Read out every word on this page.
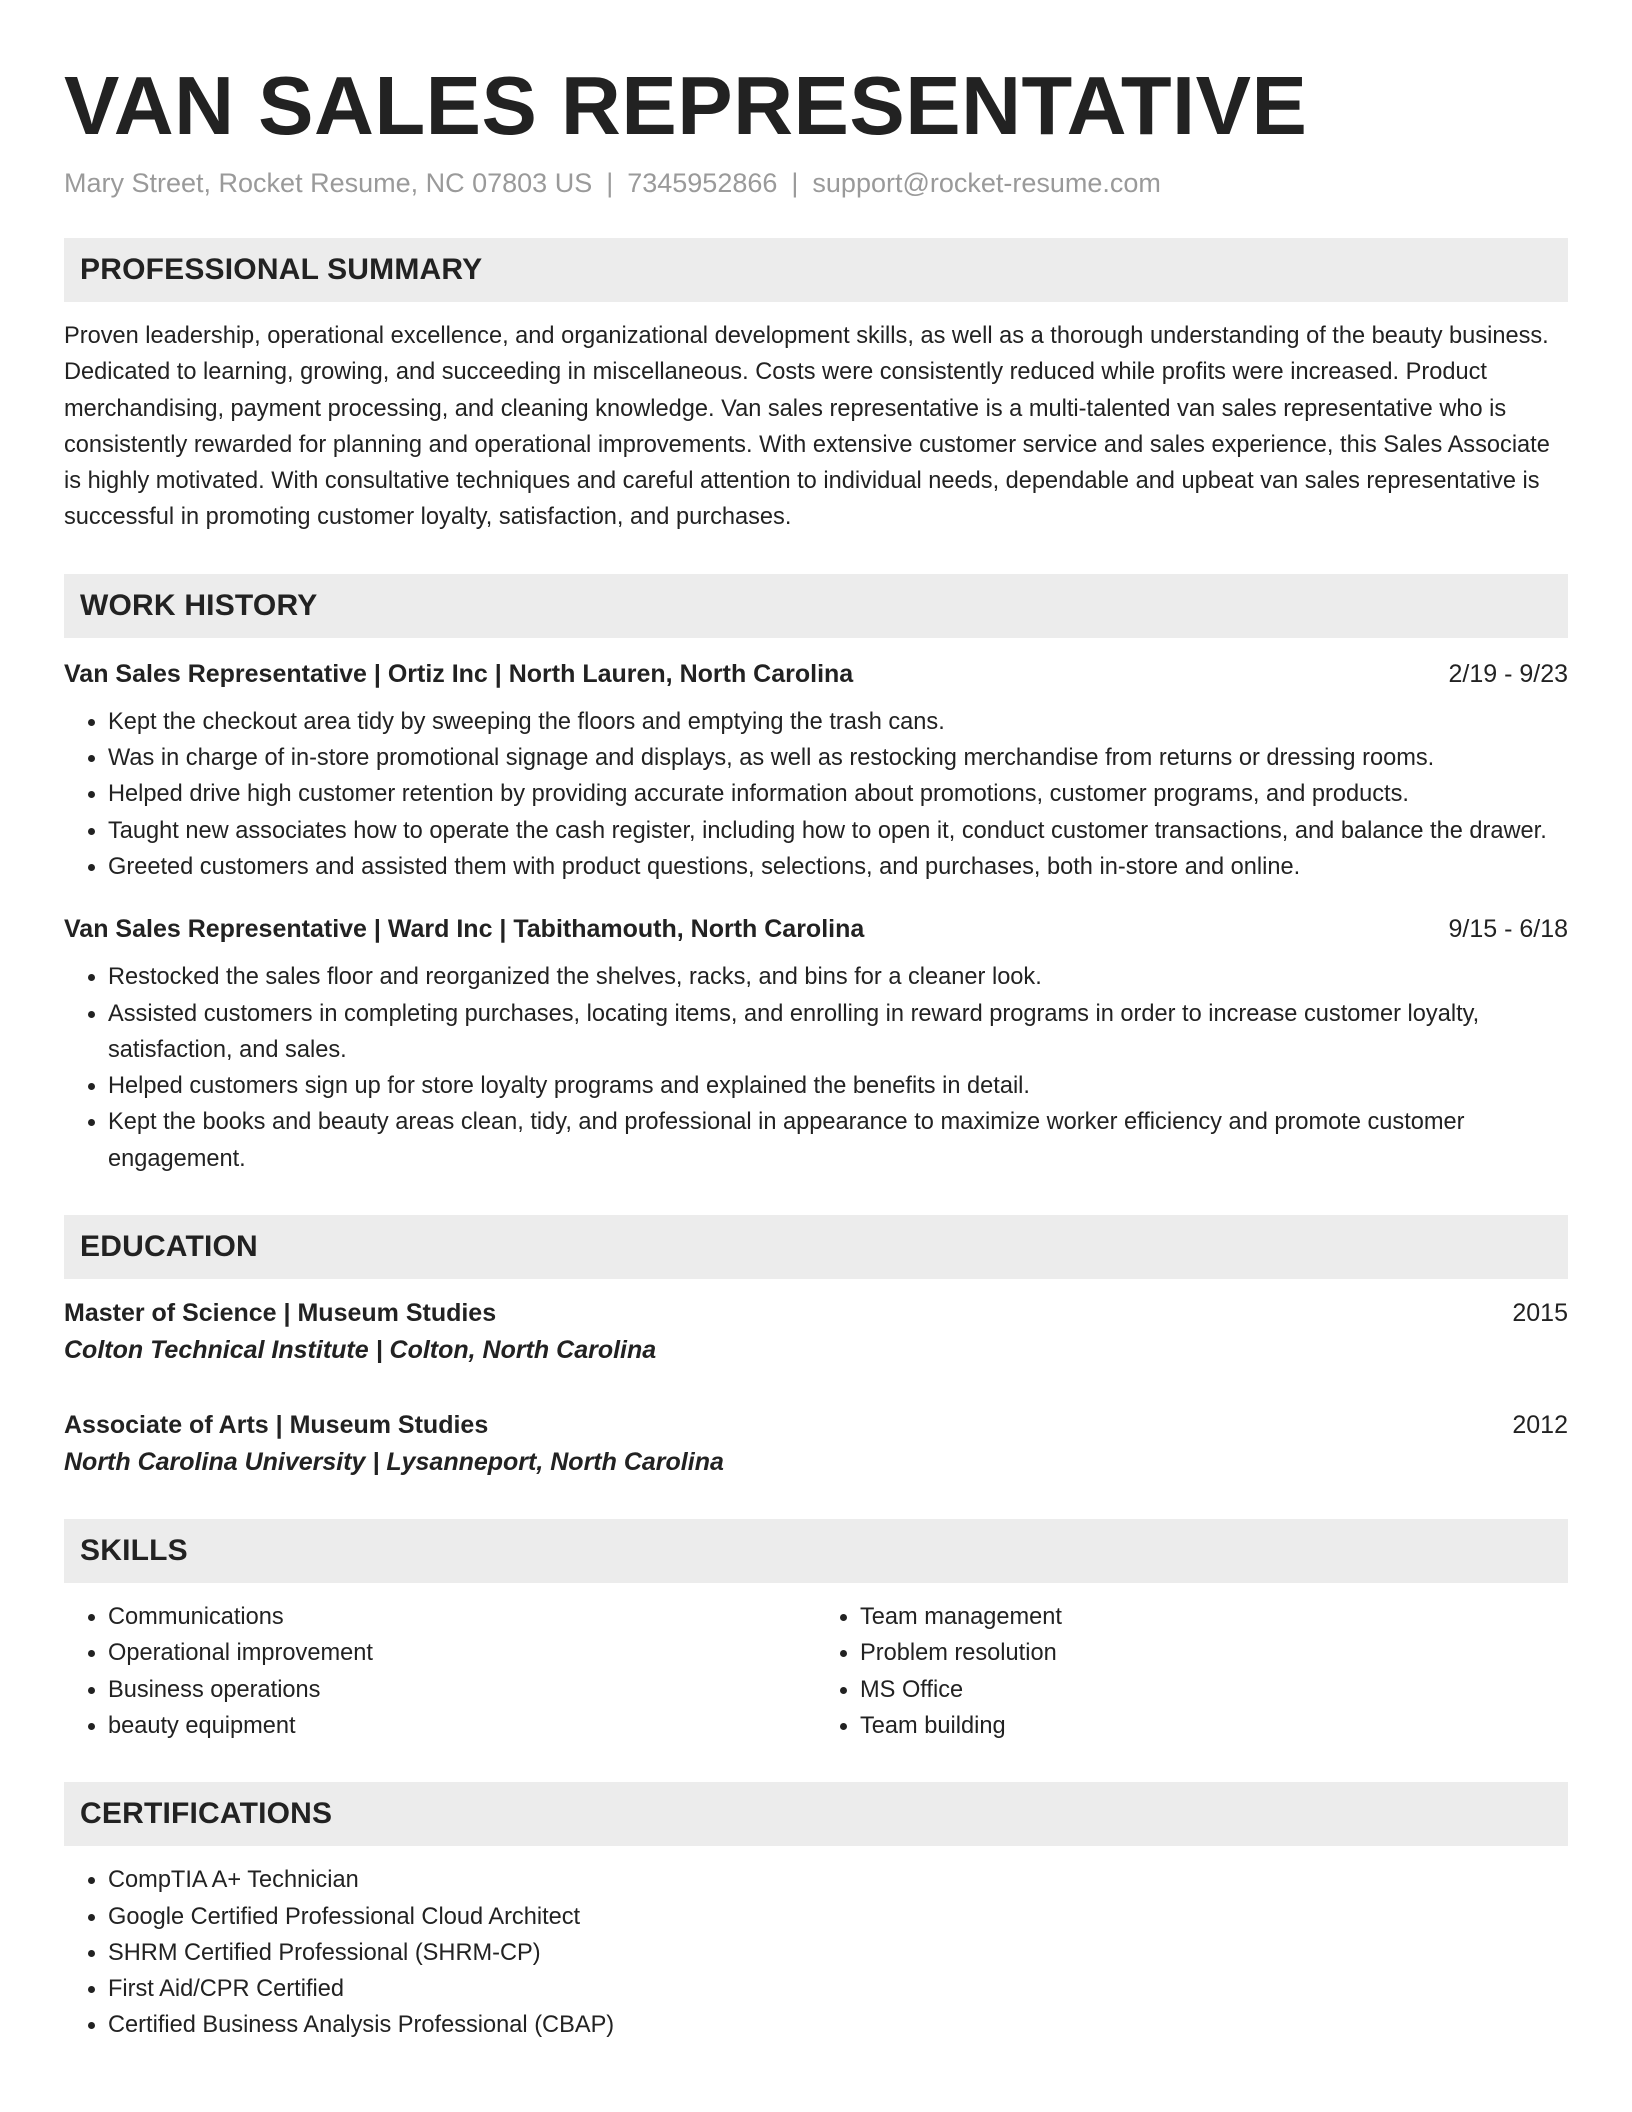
VAN SALES REPRESENTATIVE
Mary Street, Rocket Resume, NC 07803 US | 7345952866 | support@rocket-resume.com
PROFESSIONAL SUMMARY
Proven leadership, operational excellence, and organizational development skills, as well as a thorough understanding of the beauty business. Dedicated to learning, growing, and succeeding in miscellaneous. Costs were consistently reduced while profits were increased. Product merchandising, payment processing, and cleaning knowledge. Van sales representative is a multi-talented van sales representative who is consistently rewarded for planning and operational improvements. With extensive customer service and sales experience, this Sales Associate is highly motivated. With consultative techniques and careful attention to individual needs, dependable and upbeat van sales representative is successful in promoting customer loyalty, satisfaction, and purchases.
WORK HISTORY
Van Sales Representative | Ortiz Inc | North Lauren, North Carolina	2/19 - 9/23
• Kept the checkout area tidy by sweeping the floors and emptying the trash cans.
• Was in charge of in-store promotional signage and displays, as well as restocking merchandise from returns or dressing rooms.
• Helped drive high customer retention by providing accurate information about promotions, customer programs, and products.
• Taught new associates how to operate the cash register, including how to open it, conduct customer transactions, and balance the drawer.
• Greeted customers and assisted them with product questions, selections, and purchases, both in-store and online.
Van Sales Representative | Ward Inc | Tabithamouth, North Carolina	9/15 - 6/18
• Restocked the sales floor and reorganized the shelves, racks, and bins for a cleaner look.
• Assisted customers in completing purchases, locating items, and enrolling in reward programs in order to increase customer loyalty, satisfaction, and sales.
• Helped customers sign up for store loyalty programs and explained the benefits in detail.
• Kept the books and beauty areas clean, tidy, and professional in appearance to maximize worker efficiency and promote customer engagement.
EDUCATION
Master of Science | Museum Studies	2015
Colton Technical Institute | Colton, North Carolina
Associate of Arts | Museum Studies	2012
North Carolina University | Lysanneport, North Carolina
SKILLS
• Communications
• Operational improvement
• Business operations
• beauty equipment
• Team management
• Problem resolution
• MS Office
• Team building
CERTIFICATIONS
• CompTIA A+ Technician
• Google Certified Professional Cloud Architect
• SHRM Certified Professional (SHRM-CP)
• First Aid/CPR Certified
• Certified Business Analysis Professional (CBAP)
